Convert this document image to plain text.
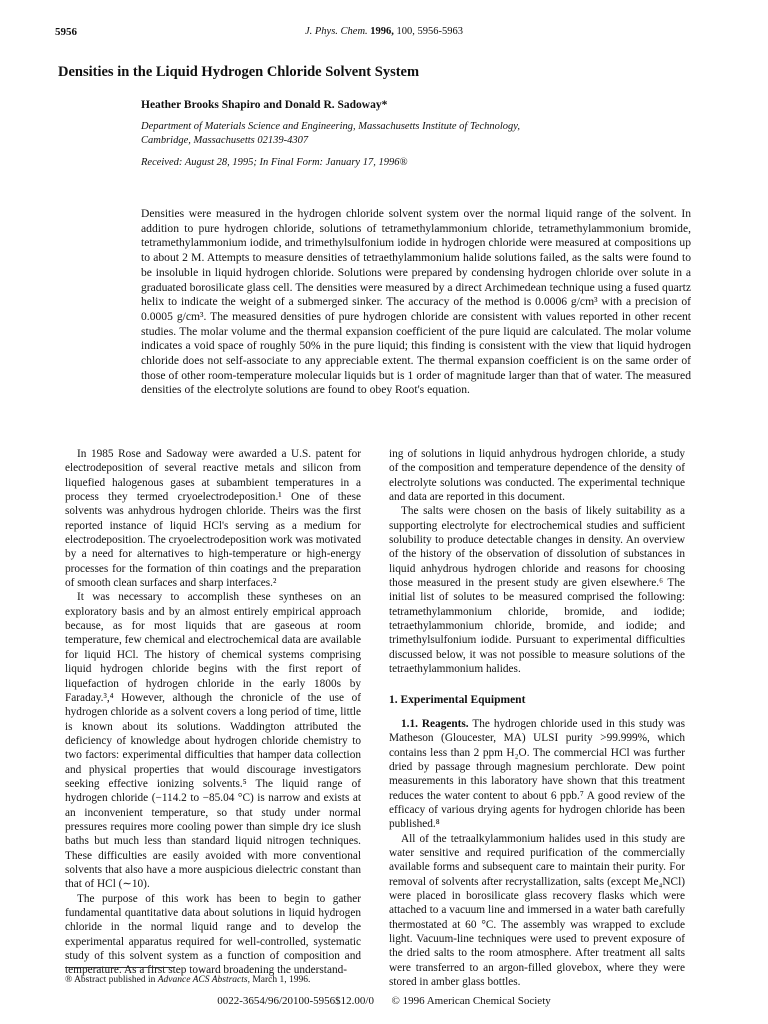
5956	J. Phys. Chem. 1996, 100, 5956-5963
Densities in the Liquid Hydrogen Chloride Solvent System
Heather Brooks Shapiro and Donald R. Sadoway*
Department of Materials Science and Engineering, Massachusetts Institute of Technology,
Cambridge, Massachusetts 02139-4307
Received: August 28, 1995; In Final Form: January 17, 1996®
Densities were measured in the hydrogen chloride solvent system over the normal liquid range of the solvent. In addition to pure hydrogen chloride, solutions of tetramethylammonium chloride, tetramethylammonium bromide, tetramethylammonium iodide, and trimethylsulfonium iodide in hydrogen chloride were measured at compositions up to about 2 M. Attempts to measure densities of tetraethylammonium halide solutions failed, as the salts were found to be insoluble in liquid hydrogen chloride. Solutions were prepared by condensing hydrogen chloride over solute in a graduated borosilicate glass cell. The densities were measured by a direct Archimedean technique using a fused quartz helix to indicate the weight of a submerged sinker. The accuracy of the method is 0.0006 g/cm³ with a precision of 0.0005 g/cm³. The measured densities of pure hydrogen chloride are consistent with values reported in other recent studies. The molar volume and the thermal expansion coefficient of the pure liquid are calculated. The molar volume indicates a void space of roughly 50% in the pure liquid; this finding is consistent with the view that liquid hydrogen chloride does not self-associate to any appreciable extent. The thermal expansion coefficient is on the same order of those of other room-temperature molecular liquids but is 1 order of magnitude larger than that of water. The measured densities of the electrolyte solutions are found to obey Root's equation.

In 1985 Rose and Sadoway were awarded a U.S. patent for electrodeposition of several reactive metals and silicon from liquefied halogenous gases at subambient temperatures in a process they termed cryoelectrodeposition.¹ One of these solvents was anhydrous hydrogen chloride. Theirs was the first reported instance of liquid HCl's serving as a medium for electrodeposition. The cryoelectrodeposition work was motivated by a need for alternatives to high-temperature or high-energy processes for the formation of thin coatings and the preparation of smooth clean surfaces and sharp interfaces.²

It was necessary to accomplish these syntheses on an exploratory basis and by an almost entirely empirical approach because, as for most liquids that are gaseous at room temperature, few chemical and electrochemical data are available for liquid HCl. The history of chemical systems comprising liquid hydrogen chloride begins with the first report of liquefaction of hydrogen chloride in the early 1800s by Faraday.³,⁴ However, although the chronicle of the use of hydrogen chloride as a solvent covers a long period of time, little is known about its solutions. Waddington attributed the deficiency of knowledge about hydrogen chloride chemistry to two factors: experimental difficulties that hamper data collection and physical properties that would discourage investigators seeking effective ionizing solvents.⁵ The liquid range of hydrogen chloride (−114.2 to −85.04 °C) is narrow and exists at an inconvenient temperature, so that study under normal pressures requires more cooling power than simple dry ice slush baths but much less than standard liquid nitrogen techniques. These difficulties are easily avoided with more conventional solvents that also have a more auspicious dielectric constant than that of HCl (∼10).

The purpose of this work has been to begin to gather fundamental quantitative data about solutions in liquid hydrogen chloride in the normal liquid range and to develop the experimental apparatus required for well-controlled, systematic study of this solvent system as a function of composition and temperature. As a first step toward broadening the understand-

ing of solutions in liquid anhydrous hydrogen chloride, a study of the composition and temperature dependence of the density of electrolyte solutions was conducted. The experimental technique and data are reported in this document.

The salts were chosen on the basis of likely suitability as a supporting electrolyte for electrochemical studies and sufficient solubility to produce detectable changes in density. An overview of the history of the observation of dissolution of substances in liquid anhydrous hydrogen chloride and reasons for choosing those measured in the present study are given elsewhere.⁶ The initial list of solutes to be measured comprised the following: tetramethylammonium chloride, bromide, and iodide; tetraethylammonium chloride, bromide, and iodide; and trimethylsulfonium iodide. Pursuant to experimental difficulties discussed below, it was not possible to measure solutions of the tetraethylammonium halides.

1. Experimental Equipment

1.1. Reagents. The hydrogen chloride used in this study was Matheson (Gloucester, MA) ULSI purity >99.999%, which contains less than 2 ppm H₂O. The commercial HCl was further dried by passage through magnesium perchlorate. Dew point measurements in this laboratory have shown that this treatment reduces the water content to about 6 ppb.⁷ A good review of the efficacy of various drying agents for hydrogen chloride has been published.⁸

All of the tetraalkylammonium halides used in this study are water sensitive and required purification of the commercially available forms and subsequent care to maintain their purity. For removal of solvents after recrystallization, salts (except Me₄NCl) were placed in borosilicate glass recovery flasks which were attached to a vacuum line and immersed in a water bath carefully thermostated at 60 °C. The assembly was wrapped to exclude light. Vacuum-line techniques were used to prevent exposure of the dried salts to the room atmosphere. After treatment all salts were transferred to an argon-filled glovebox, where they were stored in amber glass bottles.

® Abstract published in Advance ACS Abstracts, March 1, 1996.
0022-3654/96/20100-5956$12.00/0 © 1996 American Chemical Society
